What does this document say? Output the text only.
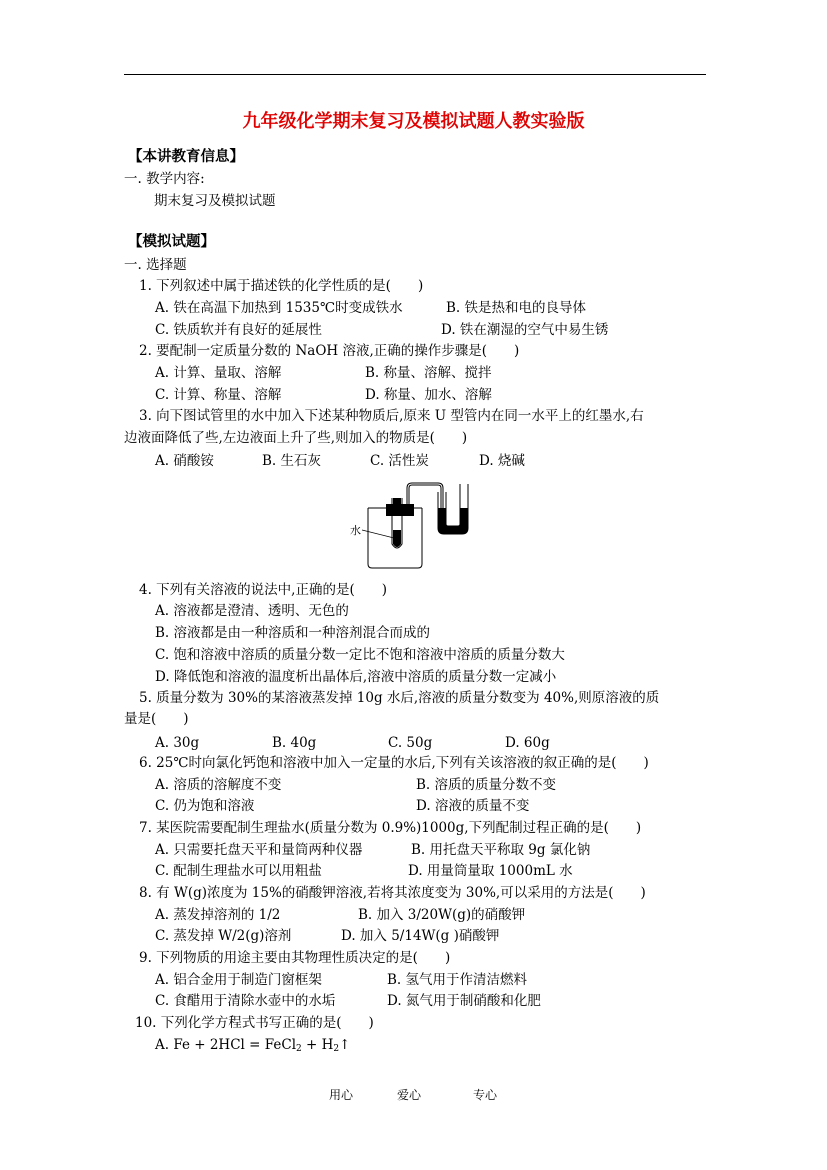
九年级化学期末复习及模拟试题人教实验版
【本讲教育信息】
一. 教学内容:
期末复习及模拟试题
【模拟试题】
一. 选择题
1. 下列叙述中属于描述铁的化学性质的是(　　)
A. 铁在高温下加热到 1535℃时变成铁水	B. 铁是热和电的良导体
C. 铁质软并有良好的延展性	D. 铁在潮湿的空气中易生锈
2. 要配制一定质量分数的 NaOH 溶液,正确的操作步骤是(　　)
A. 计算、量取、溶解	B. 称量、溶解、搅拌
C. 计算、称量、溶解	D. 称量、加水、溶解
3. 向下图试管里的水中加入下述某种物质后,原来 U 型管内在同一水平上的红墨水,右
边液面降低了些,左边液面上升了些,则加入的物质是(　　)
A. 硝酸铵	B. 生石灰	C. 活性炭	D. 烧碱
水
4. 下列有关溶液的说法中,正确的是(　　)
A. 溶液都是澄清、透明、无色的
B. 溶液都是由一种溶质和一种溶剂混合而成的
C. 饱和溶液中溶质的质量分数一定比不饱和溶液中溶质的质量分数大
D. 降低饱和溶液的温度析出晶体后,溶液中溶质的质量分数一定减小
5. 质量分数为 30%的某溶液蒸发掉 10g 水后,溶液的质量分数变为 40%,则原溶液的质
量是(　　)
A. 30g	B. 40g	C. 50g	D. 60g
6. 25℃时向氯化钙饱和溶液中加入一定量的水后,下列有关该溶液的叙正确的是(　　)
A. 溶质的溶解度不变	B. 溶质的质量分数不变
C. 仍为饱和溶液	D. 溶液的质量不变
7. 某医院需要配制生理盐水(质量分数为 0.9%)1000g,下列配制过程正确的是(　　)
A. 只需要托盘天平和量筒两种仪器	B. 用托盘天平称取 9g 氯化钠
C. 配制生理盐水可以用粗盐	D. 用量筒量取 1000mL 水
8. 有 W(g)浓度为 15%的硝酸钾溶液,若将其浓度变为 30%,可以采用的方法是(　　)
A. 蒸发掉溶剂的 1/2	B. 加入 3/20W(g)的硝酸钾
C. 蒸发掉 W/2(g)溶剂	D. 加入 5/14W(g )硝酸钾
9. 下列物质的用途主要由其物理性质决定的是(　　)
A. 铝合金用于制造门窗框架	B. 氢气用于作清洁燃料
C. 食醋用于清除水壶中的水垢	D. 氮气用于制硝酸和化肥
10. 下列化学方程式书写正确的是(　　)
A. Fe + 2HCl = FeCl$_2$ + $H_2↑$
用心	爱心	专心
